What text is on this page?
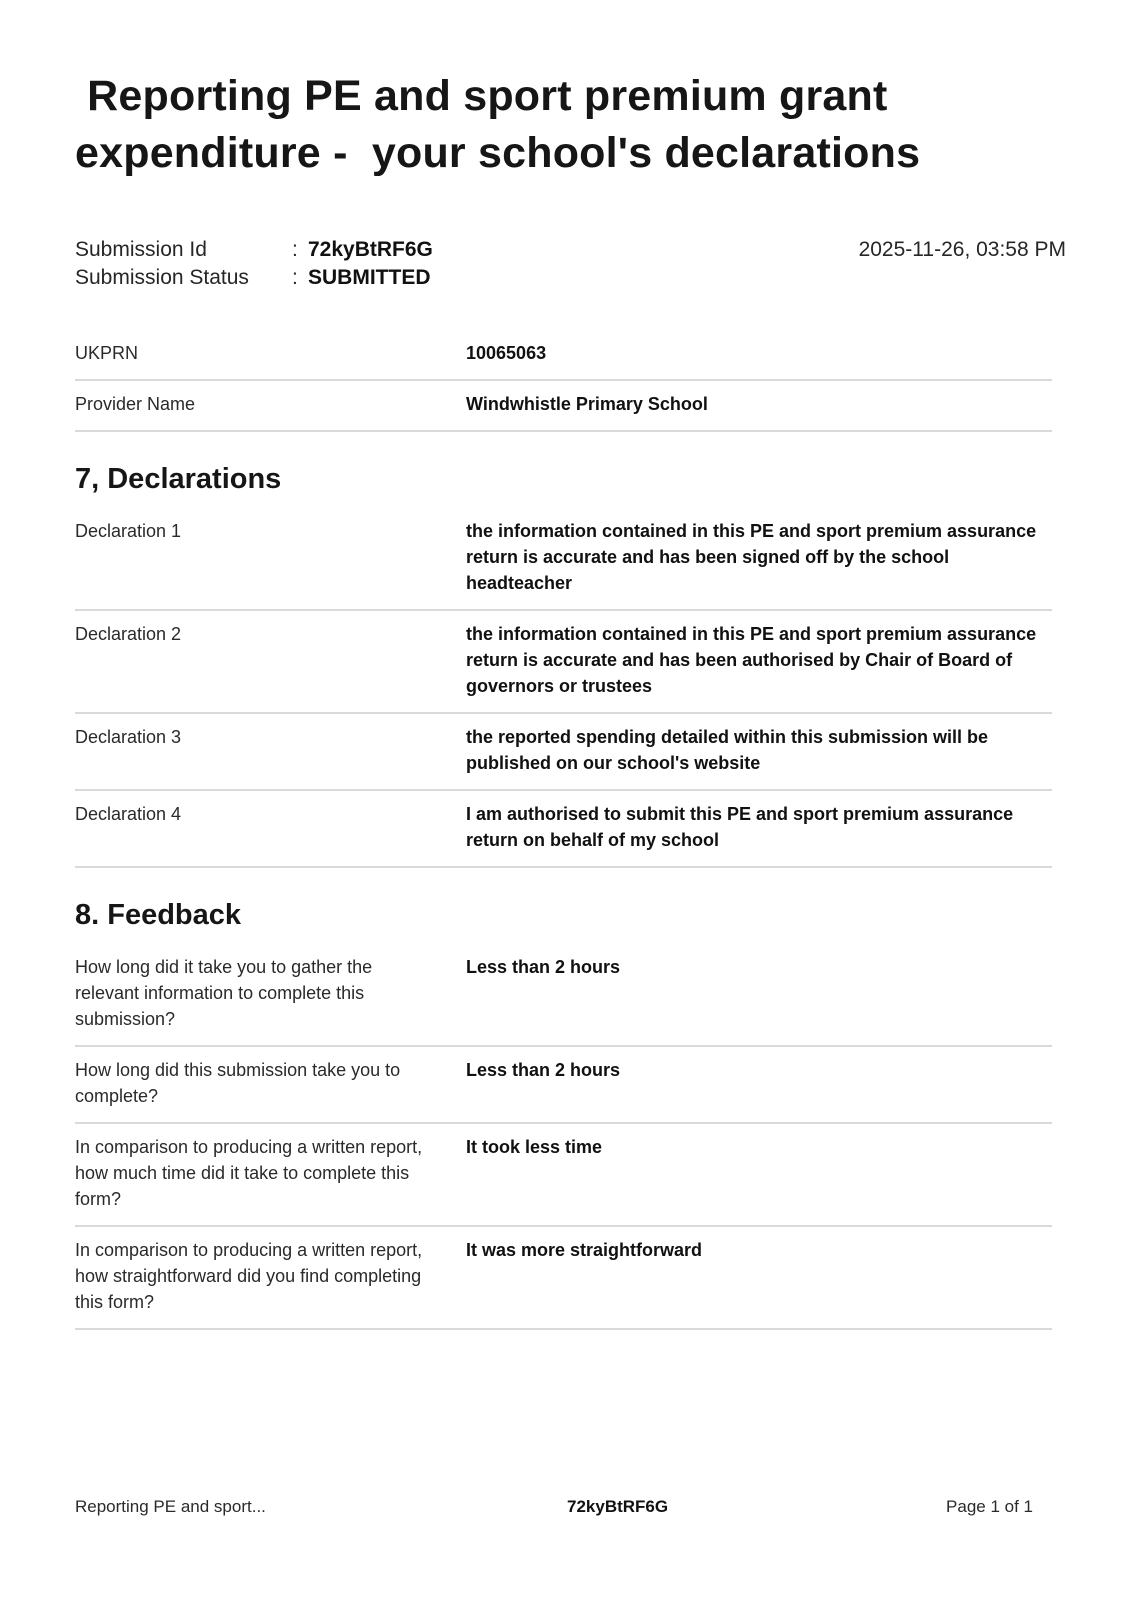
Reporting PE and sport premium grant
expenditure -  your school's declarations
Submission Id	: 72kyBtRF6G
Submission Status	: SUBMITTED
2025-11-26, 03:58 PM
UKPRN	10065063
Provider Name	Windwhistle Primary School
7, Declarations
Declaration 1	the information contained in this PE and sport premium assurance return is accurate and has been signed off by the school headteacher
Declaration 2	the information contained in this PE and sport premium assurance return is accurate and has been authorised by Chair of Board of governors or trustees
Declaration 3	the reported spending detailed within this submission will be published on our school's website
Declaration 4	I am authorised to submit this PE and sport premium assurance return on behalf of my school
8. Feedback
How long did it take you to gather the relevant information to complete this submission?
Less than 2 hours
How long did this submission take you to complete?
Less than 2 hours
In comparison to producing a written report, how much time did it take to complete this form?
It took less time
In comparison to producing a written report, how straightforward did you find completing this form?
It was more straightforward
Reporting PE and sport...	72kyBtRF6G	Page 1 of 1
